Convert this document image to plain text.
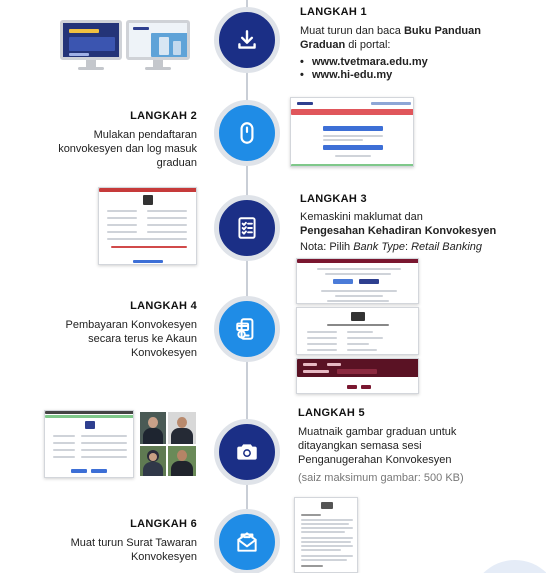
LANGKAH 1
Muat turun dan baca Buku Panduan Graduan di portal:
• www.tvetmara.edu.my
• www.hi-edu.my
LANGKAH 2
Mulakan pendaftaran konvokesyen dan log masuk graduan
LANGKAH 3
Kemaskini maklumat dan
Pengesahan Kehadiran Konvokesyen
Nota: Pilih Bank Type: Retail Banking
LANGKAH 4
Pembayaran Konvokesyen secara terus ke Akaun Konvokesyen
LANGKAH 5
Muatnaik gambar graduan untuk ditayangkan semasa sesi Penganugerahan Konvokesyen
(saiz maksimum gambar: 500 KB)
LANGKAH 6
Muat turun Surat Tawaran Konvokesyen
